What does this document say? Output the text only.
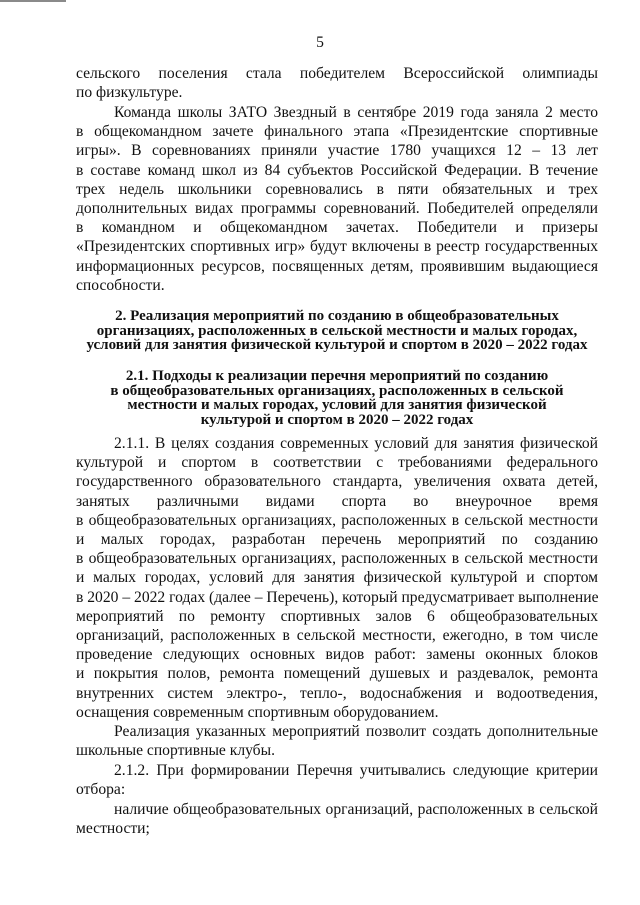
5
сельского поселения стала победителем Всероссийской олимпиады
по физкультуре.
Команда школы ЗАТО Звездный в сентябре 2019 года заняла 2 место
в общекомандном зачете финального этапа «Президентские спортивные
игры». В соревнованиях приняли участие 1780 учащихся 12 – 13 лет
в составе команд школ из 84 субъектов Российской Федерации. В течение
трех недель школьники соревновались в пяти обязательных и трех
дополнительных видах программы соревнований. Победителей определяли
в командном и общекомандном зачетах. Победители и призеры
«Президентских спортивных игр» будут включены в реестр государственных
информационных ресурсов, посвященных детям, проявившим выдающиеся
способности.
2. Реализация мероприятий по созданию в общеобразовательных
организациях, расположенных в сельской местности и малых городах,
условий для занятия физической культурой и спортом в 2020 – 2022 годах
2.1. Подходы к реализации перечня мероприятий по созданию
в общеобразовательных организациях, расположенных в сельской
местности и малых городах, условий для занятия физической
культурой и спортом в 2020 – 2022 годах
2.1.1. В целях создания современных условий для занятия физической
культурой и спортом в соответствии с требованиями федерального
государственного образовательного стандарта, увеличения охвата детей,
занятых различными видами спорта во внеурочное время
в общеобразовательных организациях, расположенных в сельской местности
и малых городах, разработан перечень мероприятий по созданию
в общеобразовательных организациях, расположенных в сельской местности
и малых городах, условий для занятия физической культурой и спортом
в 2020 – 2022 годах (далее – Перечень), который предусматривает выполнение
мероприятий по ремонту спортивных залов 6 общеобразовательных
организаций, расположенных в сельской местности, ежегодно, в том числе
проведение следующих основных видов работ: замены оконных блоков
и покрытия полов, ремонта помещений душевых и раздевалок, ремонта
внутренних систем электро-, тепло-, водоснабжения и водоотведения,
оснащения современным спортивным оборудованием.
Реализация указанных мероприятий позволит создать дополнительные
школьные спортивные клубы.
2.1.2. При формировании Перечня учитывались следующие критерии
отбора:
наличие общеобразовательных организаций, расположенных в сельской
местности;
